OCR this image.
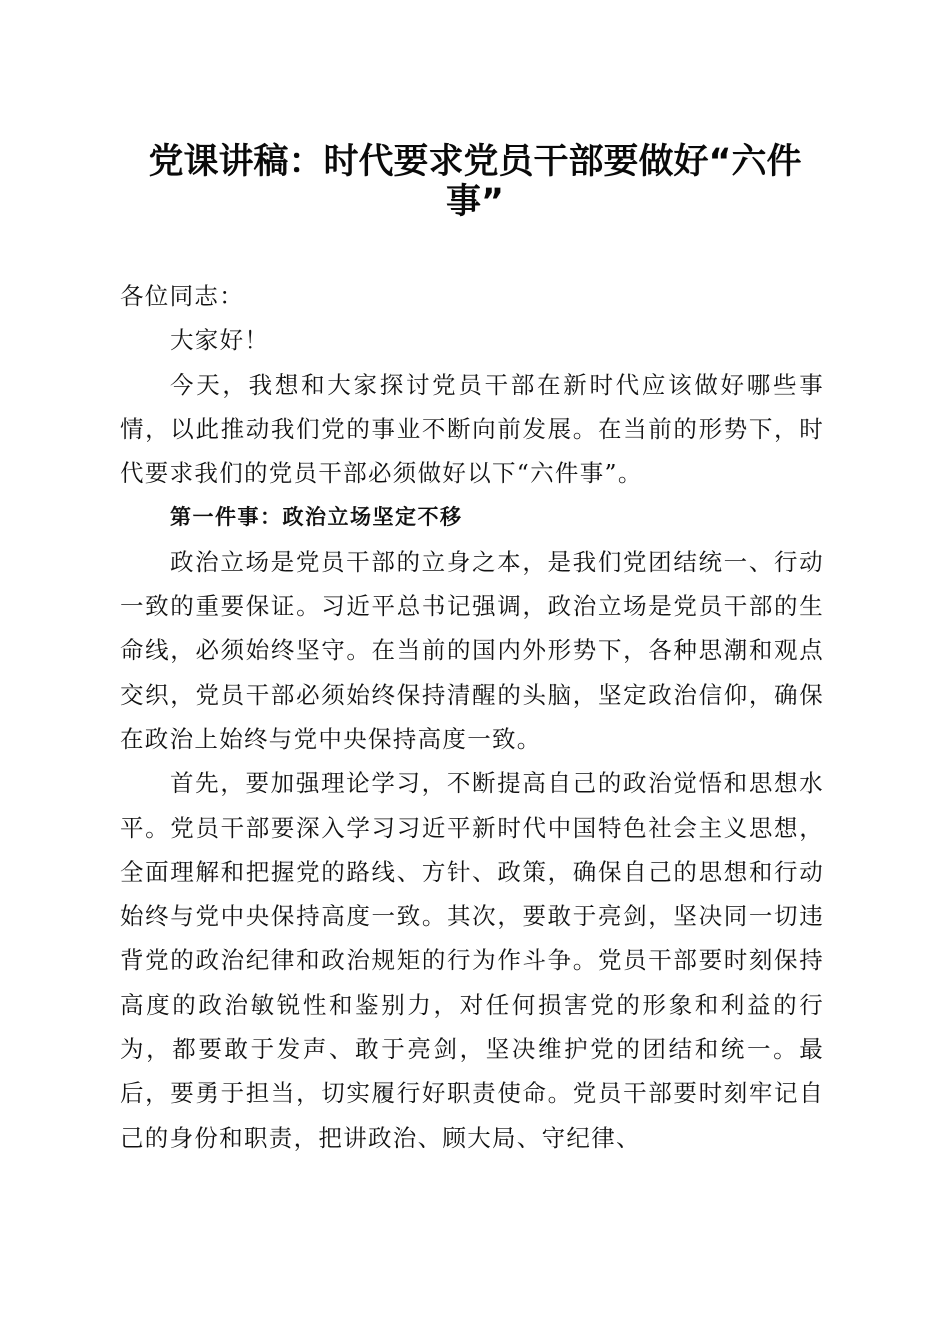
党课讲稿：时代要求党员干部要做好“六件
事”

各位同志：

大家好！

今天，我想和大家探讨党员干部在新时代应该做好哪些事情，以此推动我们党的事业不断向前发展。在当前的形势下，时代要求我们的党员干部必须做好以下“六件事”。

第一件事：政治立场坚定不移

政治立场是党员干部的立身之本，是我们党团结统一、行动一致的重要保证。习近平总书记强调，政治立场是党员干部的生命线，必须始终坚守。在当前的国内外形势下，各种思潮和观点交织，党员干部必须始终保持清醒的头脑，坚定政治信仰，确保在政治上始终与党中央保持高度一致。

首先，要加强理论学习，不断提高自己的政治觉悟和思想水平。党员干部要深入学习习近平新时代中国特色社会主义思想，全面理解和把握党的路线、方针、政策，确保自己的思想和行动始终与党中央保持高度一致。其次，要敢于亮剑，坚决同一切违背党的政治纪律和政治规矩的行为作斗争。党员干部要时刻保持高度的政治敏锐性和鉴别力，对任何损害党的形象和利益的行为，都要敢于发声、敢于亮剑，坚决维护党的团结和统一。最后，要勇于担当，切实履行好职责使命。党员干部要时刻牢记自己的身份和职责，把讲政治、顾大局、守纪律、
